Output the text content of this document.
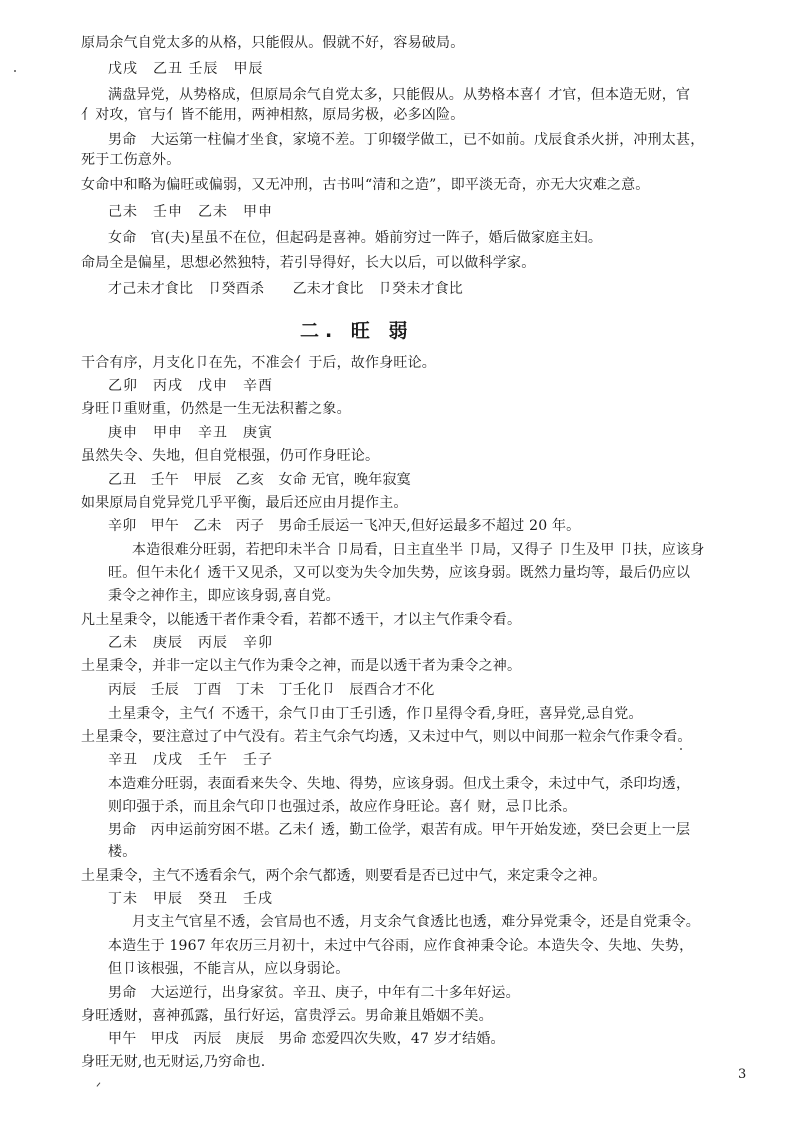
原局余气自党太多的从格，只能假从。假就不好，容易破局。
戊戌　乙丑 壬辰　甲辰
满盘异党，从势格成，但原局余气自党太多，只能假从。从势格本喜亻才官，但本造无财，官
亻对攻，官与亻皆不能用，两神相熬，原局劣极，必多凶险。
男命　大运第一柱偏才坐食，家境不差。丁卯辍学做工，已不如前。戊辰食杀火拼，冲刑太甚，
死于工伤意外。
女命中和略为偏旺或偏弱，又无冲刑，古书叫“清和之造”，即平淡无奇，亦无大灾难之意。
己未　壬申　乙未　甲申
女命　官(夫)星虽不在位，但起码是喜神。婚前穷过一阵子，婚后做家庭主妇。
命局全是偏星，思想必然独特，若引导得好，长大以后，可以做科学家。
才己未才食比　卩癸酉杀　　乙未才食比　卩癸未才食比
二. 旺 弱
干合有序，月支化卩在先，不准会亻于后，故作身旺论。
乙卯　丙戌　戊申　辛酉
身旺卩重财重，仍然是一生无法积蓄之象。
庚申　甲申　辛丑　庚寅
虽然失令、失地，但自党根强，仍可作身旺论。
乙丑　壬午　甲辰　乙亥　女命 无官，晚年寂寞
如果原局自党异党几乎平衡，最后还应由月提作主。
辛卯　甲午　乙未　丙子　男命壬辰运一飞冲天,但好运最多不超过 20 年。
本造很难分旺弱，若把印未半合 卩局看，日主直坐半 卩局，又得子 卩生及甲 卩扶，应该身
旺。但午未化亻透干又见杀，又可以变为失令加失势，应该身弱。既然力量均等，最后仍应以
秉令之神作主，即应该身弱,喜自党。
凡土星秉令，以能透干者作秉令看，若都不透干，才以主气作秉令看。
乙未　庚辰　丙辰　辛卯
土星秉令，并非一定以主气作为秉令之神，而是以透干者为秉令之神。
丙辰　壬辰　丁酉　丁未　丁壬化卩　辰酉合才不化
土星秉令，主气亻不透干，余气卩由丁壬引透，作卩星得令看,身旺，喜异党,忌自党。
土星秉令，要注意过了中气没有。若主气余气均透，又未过中气，则以中间那一粒余气作秉令看。
辛丑　戊戌　壬午　壬子
本造难分旺弱，表面看来失令、失地、得势，应该身弱。但戊土秉令，未过中气，杀印均透，
则印强于杀，而且余气印卩也强过杀，故应作身旺论。喜亻财，忌卩比杀。
男命　丙申运前穷困不堪。乙未亻透，勤工俭学，艰苦有成。甲午开始发迹，癸巳会更上一层
楼。
土星秉令，主气不透看余气，两个余气都透，则要看是否已过中气，来定秉令之神。
丁未　甲辰　癸丑　壬戌
月支主气官星不透，会官局也不透，月支余气食透比也透，难分异党秉令，还是自党秉令。
本造生于 1967 年农历三月初十，未过中气谷雨，应作食神秉令论。本造失令、失地、失势，
但卩该根强，不能言从，应以身弱论。
男命　大运逆行，出身家贫。辛丑、庚子，中年有二十多年好运。
身旺透财，喜神孤露，虽行好运，富贵浮云。男命兼且婚姻不美。
甲午　甲戌　丙辰　庚辰　男命 恋爱四次失败，47 岁才结婚。
身旺无财,也无财运,乃穷命也.
ᐟ
3
